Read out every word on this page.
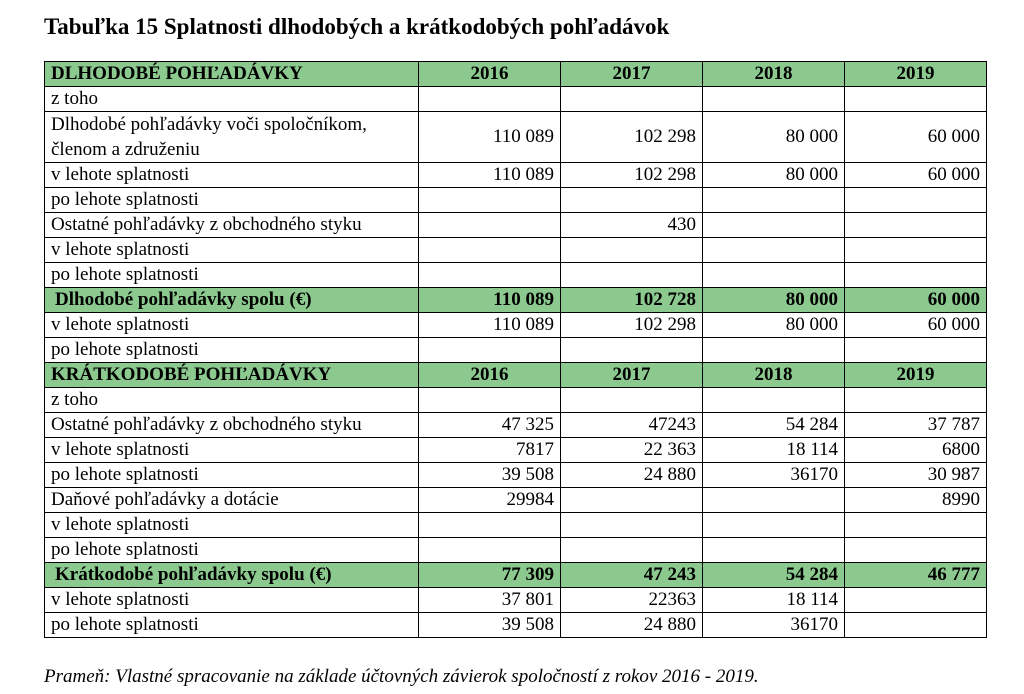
Tabuľka 15 Splatnosti dlhodobých a krátkodobých pohľadávok
DLHODOBÉ POHĽADÁVKY	2016	2017	2018	2019
z toho				
Dlhodobé pohľadávky voči spoločníkom, členom a združeniu	110 089	102 298	80 000	60 000
v lehote splatnosti	110 089	102 298	80 000	60 000
po lehote splatnosti				
Ostatné pohľadávky z obchodného styku		430		
v lehote splatnosti				
po lehote splatnosti				
Dlhodobé pohľadávky spolu (€)	110 089	102 728	80 000	60 000
v lehote splatnosti	110 089	102 298	80 000	60 000
po lehote splatnosti				
KRÁTKODOBÉ POHĽADÁVKY	2016	2017	2018	2019
z toho				
Ostatné pohľadávky z obchodného styku	47 325	47243	54 284	37 787
v lehote splatnosti	7817	22 363	18 114	6800
po lehote splatnosti	39 508	24 880	36170	30 987
Daňové pohľadávky a dotácie	29984			8990
v lehote splatnosti				
po lehote splatnosti				
Krátkodobé pohľadávky spolu (€)	77 309	47 243	54 284	46 777
v lehote splatnosti	37 801	22363	18 114	
po lehote splatnosti	39 508	24 880	36170	
Prameň: Vlastné spracovanie na základe účtovných závierok spoločností z rokov 2016 - 2019.
